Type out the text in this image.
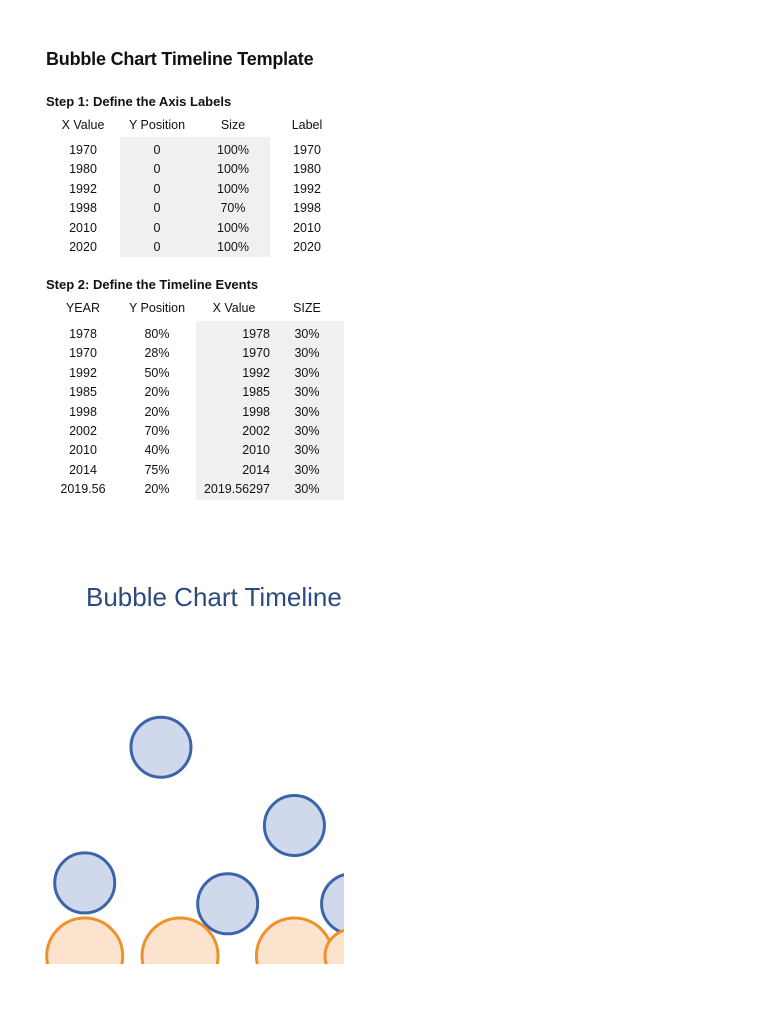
Bubble Chart Timeline Template
Step 1: Define the Axis Labels
X Value	Y Position	Size	Label
1970	0	100%	1970
1980	0	100%	1980
1992	0	100%	1992
1998	0	70%	1998
2010	0	100%	2010
2020	0	100%	2020
Step 2: Define the Timeline Events
YEAR	Y Position	X Value	SIZE
1978	80%	1978	30%
1970	28%	1970	30%
1992	50%	1992	30%
1985	20%	1985	30%
1998	20%	1998	30%
2002	70%	2002	30%
2010	40%	2010	30%
2014	75%	2014	30%
2019.56	20%	2019.56297	30%
Bubble Chart Timeline
